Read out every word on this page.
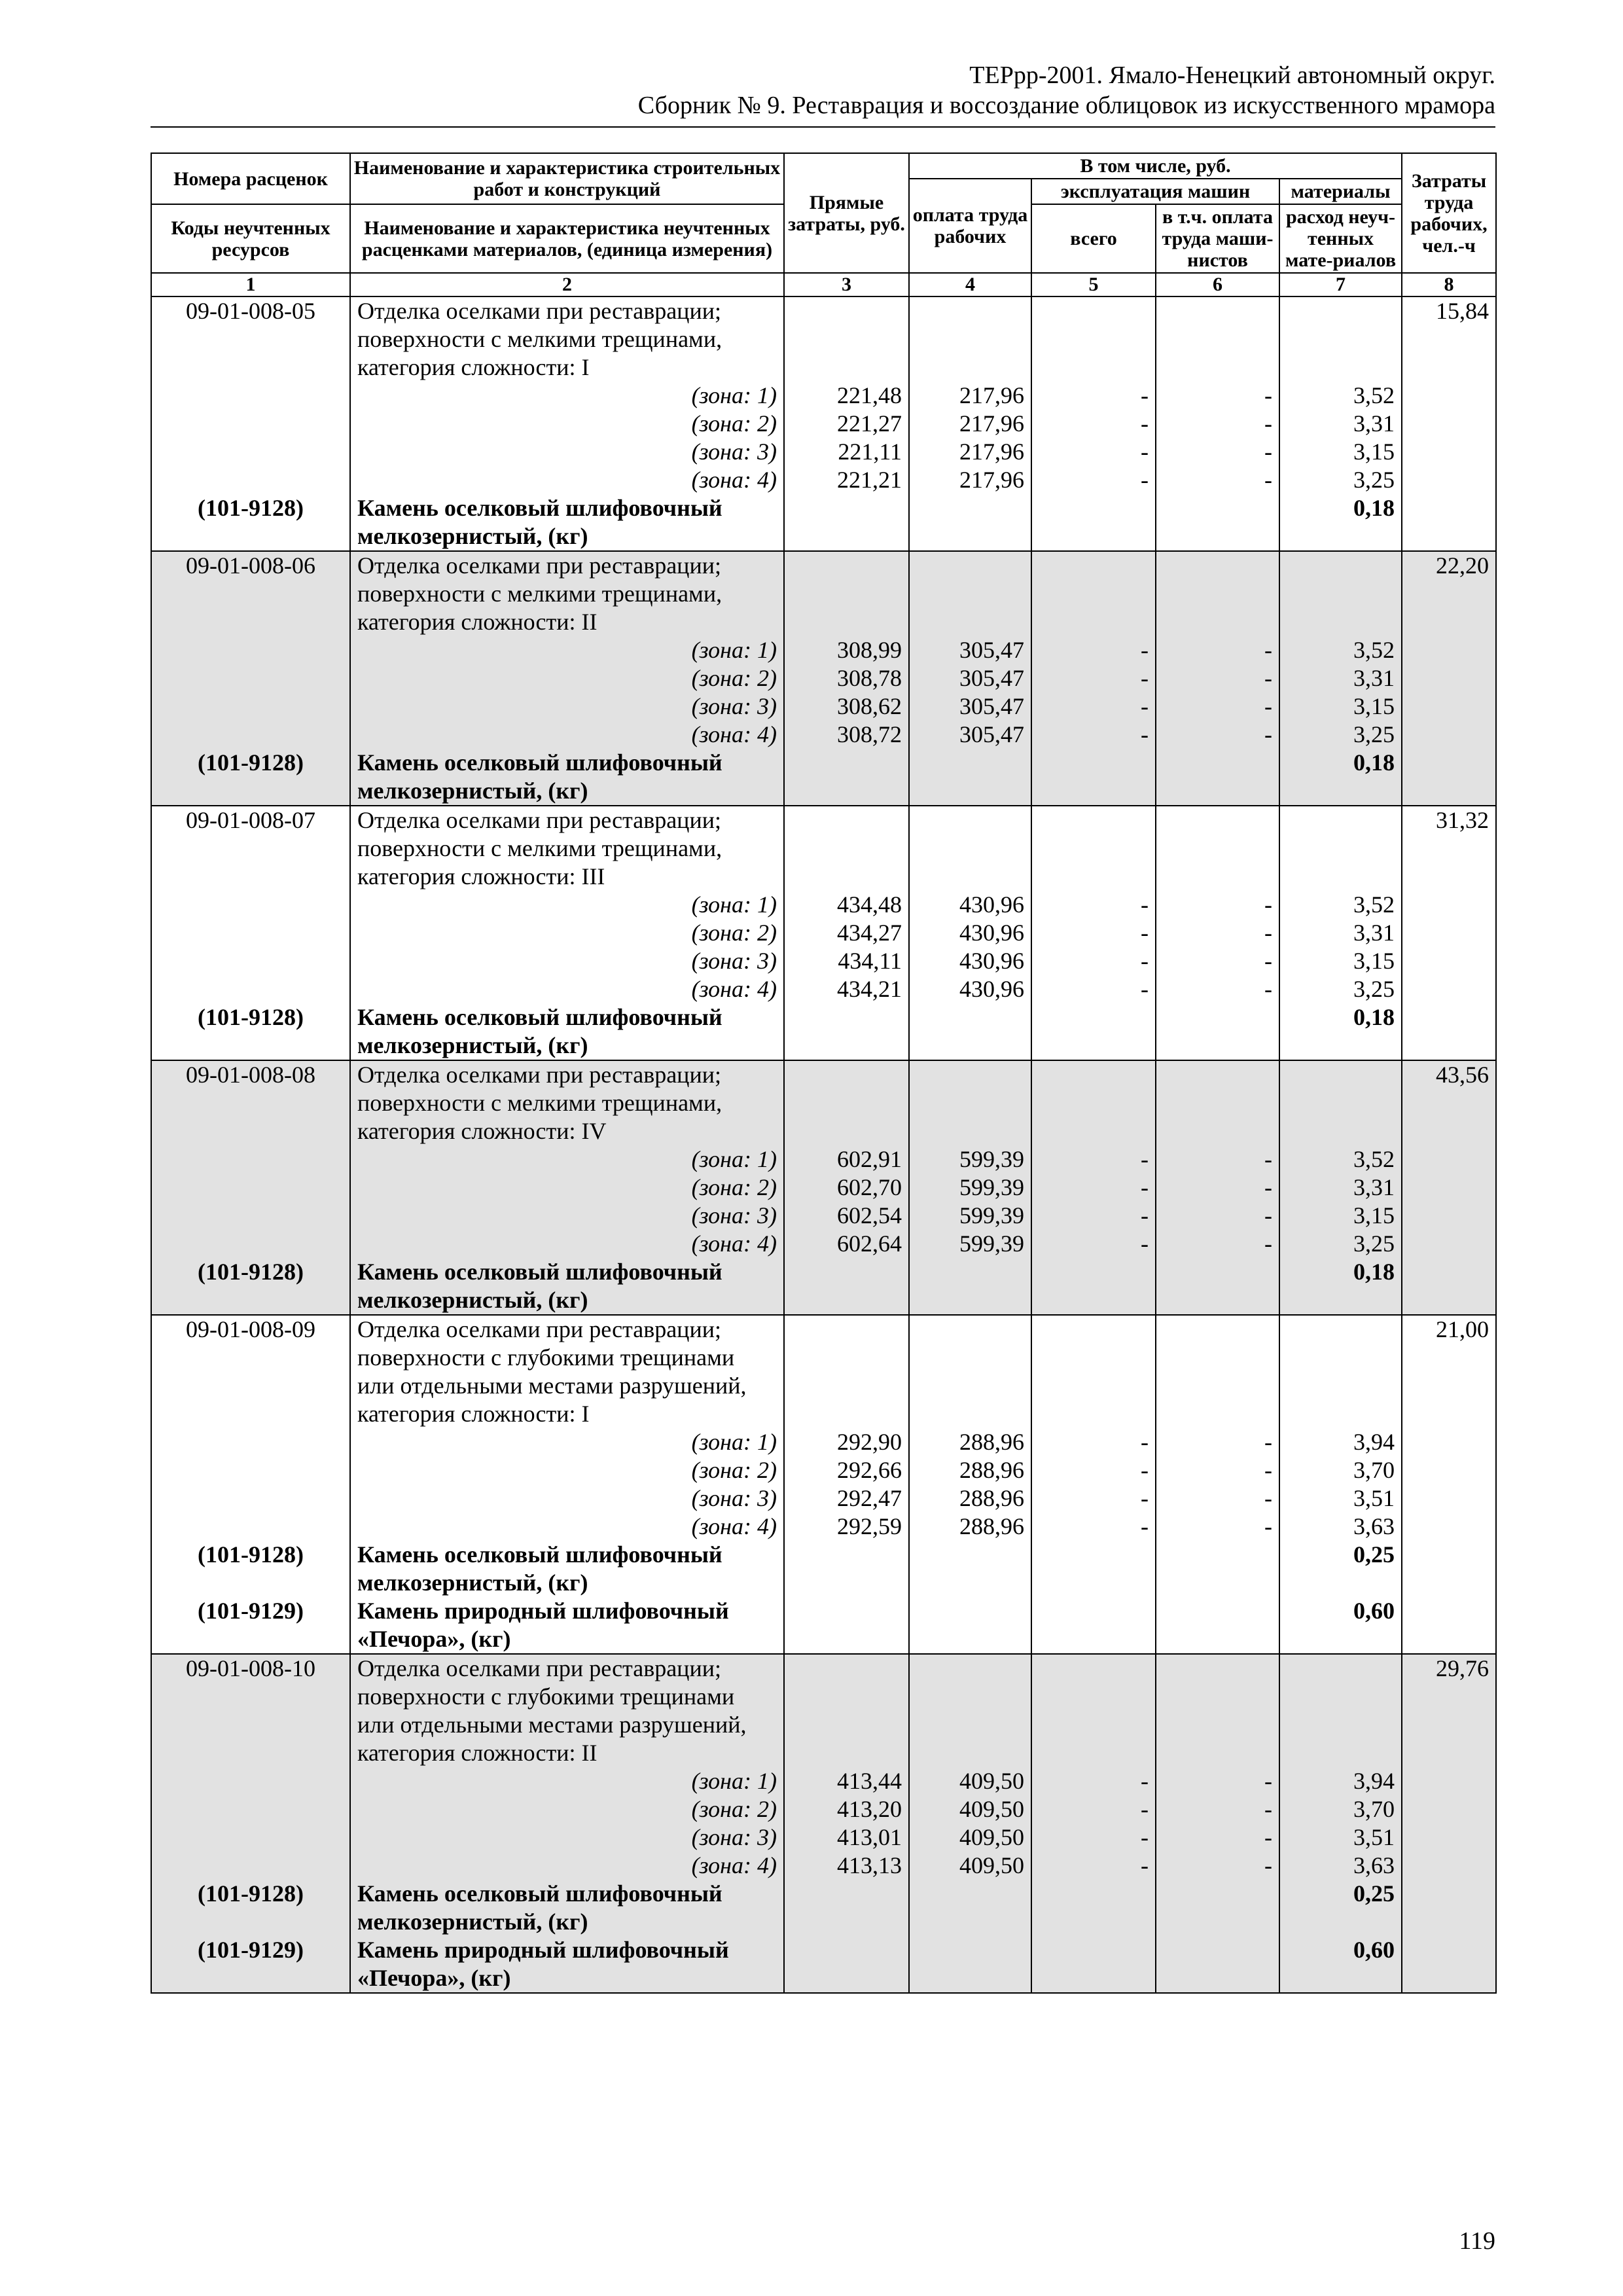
ТЕРрр-2001. Ямало-Ненецкий автономный округ.
Сборник № 9. Реставрация и воссоздание облицовок из искусственного мрамора
Номера расценок	Наименование и характеристика строительных работ и конструкций	Прямые затраты, руб.	В том числе, руб.				Затраты труда рабочих, чел.-ч
			оплата труда рабочих	эксплуатация машин		материалы	
Коды неучтенных ресурсов	Наименование и характеристика неучтенных расценками материалов, (единица измерения)			всего	в т.ч. оплата труда маши-нистов	расход неуч-тенных мате-риалов	

1	2	3	4	5	6	7	8
09-01-008-05	Отделка оселками при реставрации;						15,84
	поверхности с мелкими трещинами,						
	категория сложности: I						
	(зона: 1)	221,48	217,96	-	-	3,52	
	(зона: 2)	221,27	217,96	-	-	3,31	
	(зона: 3)	221,11	217,96	-	-	3,15	
	(зона: 4)	221,21	217,96	-	-	3,25	
(101-9128)	Камень оселковый шлифовочный					0,18	
	мелкозернистый, (кг)						
09-01-008-06	Отделка оселками при реставрации;						22,20
	поверхности с мелкими трещинами,						
	категория сложности: II						
	(зона: 1)	308,99	305,47	-	-	3,52	
	(зона: 2)	308,78	305,47	-	-	3,31	
	(зона: 3)	308,62	305,47	-	-	3,15	
	(зона: 4)	308,72	305,47	-	-	3,25	
(101-9128)	Камень оселковый шлифовочный					0,18	
	мелкозернистый, (кг)						
09-01-008-07	Отделка оселками при реставрации;						31,32
	поверхности с мелкими трещинами,						
	категория сложности: III						
	(зона: 1)	434,48	430,96	-	-	3,52	
	(зона: 2)	434,27	430,96	-	-	3,31	
	(зона: 3)	434,11	430,96	-	-	3,15	
	(зона: 4)	434,21	430,96	-	-	3,25	
(101-9128)	Камень оселковый шлифовочный					0,18	
	мелкозернистый, (кг)						
09-01-008-08	Отделка оселками при реставрации;						43,56
	поверхности с мелкими трещинами,						
	категория сложности: IV						
	(зона: 1)	602,91	599,39	-	-	3,52	
	(зона: 2)	602,70	599,39	-	-	3,31	
	(зона: 3)	602,54	599,39	-	-	3,15	
	(зона: 4)	602,64	599,39	-	-	3,25	
(101-9128)	Камень оселковый шлифовочный					0,18	
	мелкозернистый, (кг)						
09-01-008-09	Отделка оселками при реставрации;						21,00
	поверхности с глубокими трещинами						
	или отдельными местами разрушений,						
	категория сложности: I						
	(зона: 1)	292,90	288,96	-	-	3,94	
	(зона: 2)	292,66	288,96	-	-	3,70	
	(зона: 3)	292,47	288,96	-	-	3,51	
	(зона: 4)	292,59	288,96	-	-	3,63	
(101-9128)	Камень оселковый шлифовочный					0,25	
	мелкозернистый, (кг)						
(101-9129)	Камень природный шлифовочный					0,60	
	«Печора», (кг)						
09-01-008-10	Отделка оселками при реставрации;						29,76
	поверхности с глубокими трещинами						
	или отдельными местами разрушений,						
	категория сложности: II						
	(зона: 1)	413,44	409,50	-	-	3,94	
	(зона: 2)	413,20	409,50	-	-	3,70	
	(зона: 3)	413,01	409,50	-	-	3,51	
	(зона: 4)	413,13	409,50	-	-	3,63	
(101-9128)	Камень оселковый шлифовочный					0,25	
	мелкозернистый, (кг)						
(101-9129)	Камень природный шлифовочный					0,60	
	«Печора», (кг)						
119
